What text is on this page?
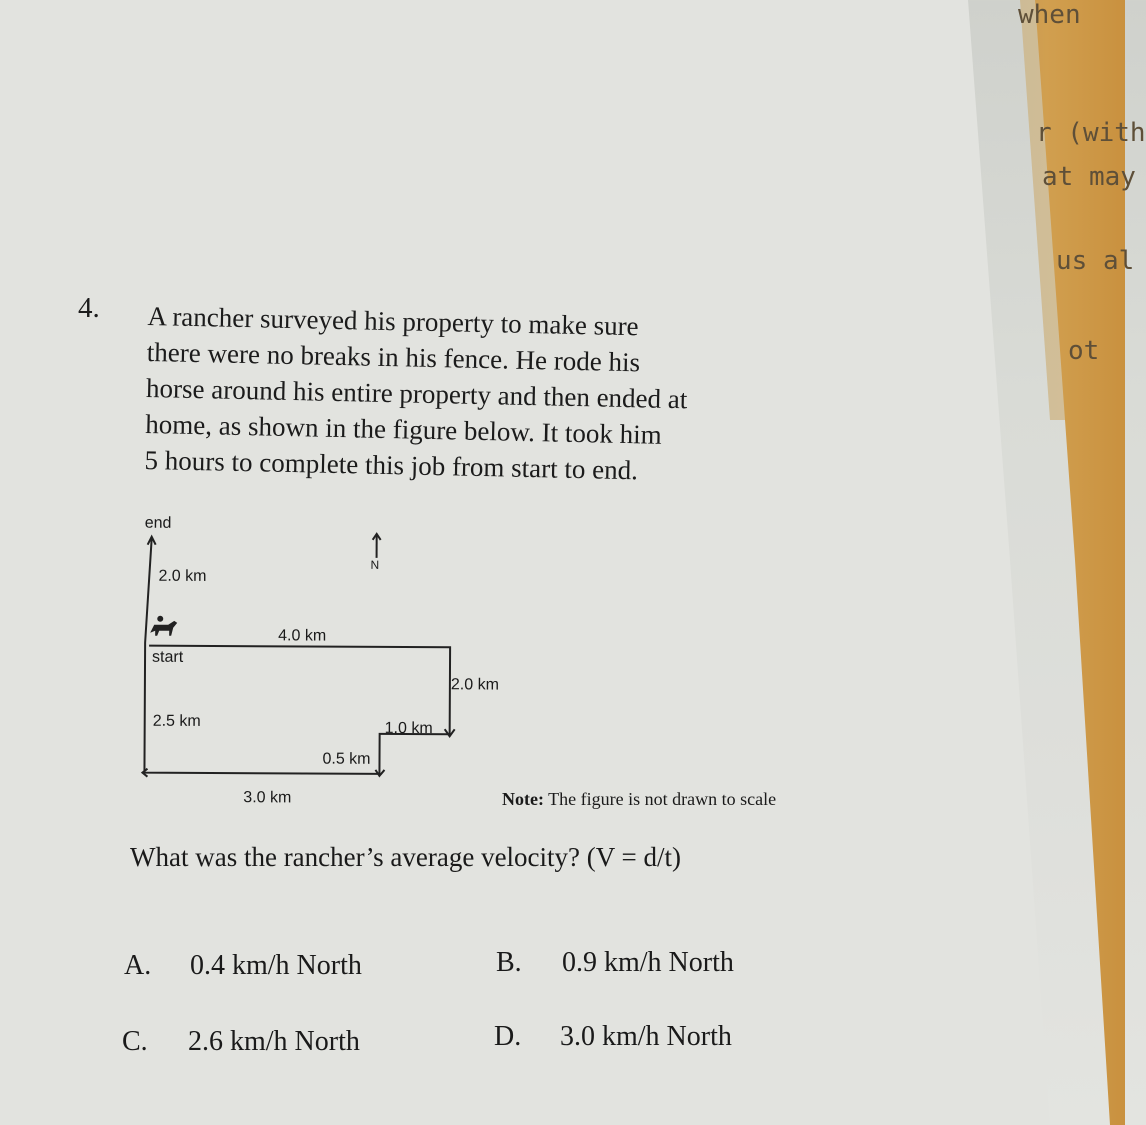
when
r (with
at may
us al
ot
4. A rancher surveyed his property to make sure
there were no breaks in his fence. He rode his
horse around his entire property and then ended at
home, as shown in the figure below. It took him
5 hours to complete this job from start to end.
end
N
2.0 km
4.0 km
start
2.0 km
2.5 km	1.0 km
0.5 km
3.0 km	Note: The figure is not drawn to scale
What was the rancher’s average velocity? (V = d/t)
A. 0.4 km/h North	B. 0.9 km/h North
C. 2.6 km/h North	D. 3.0 km/h North
